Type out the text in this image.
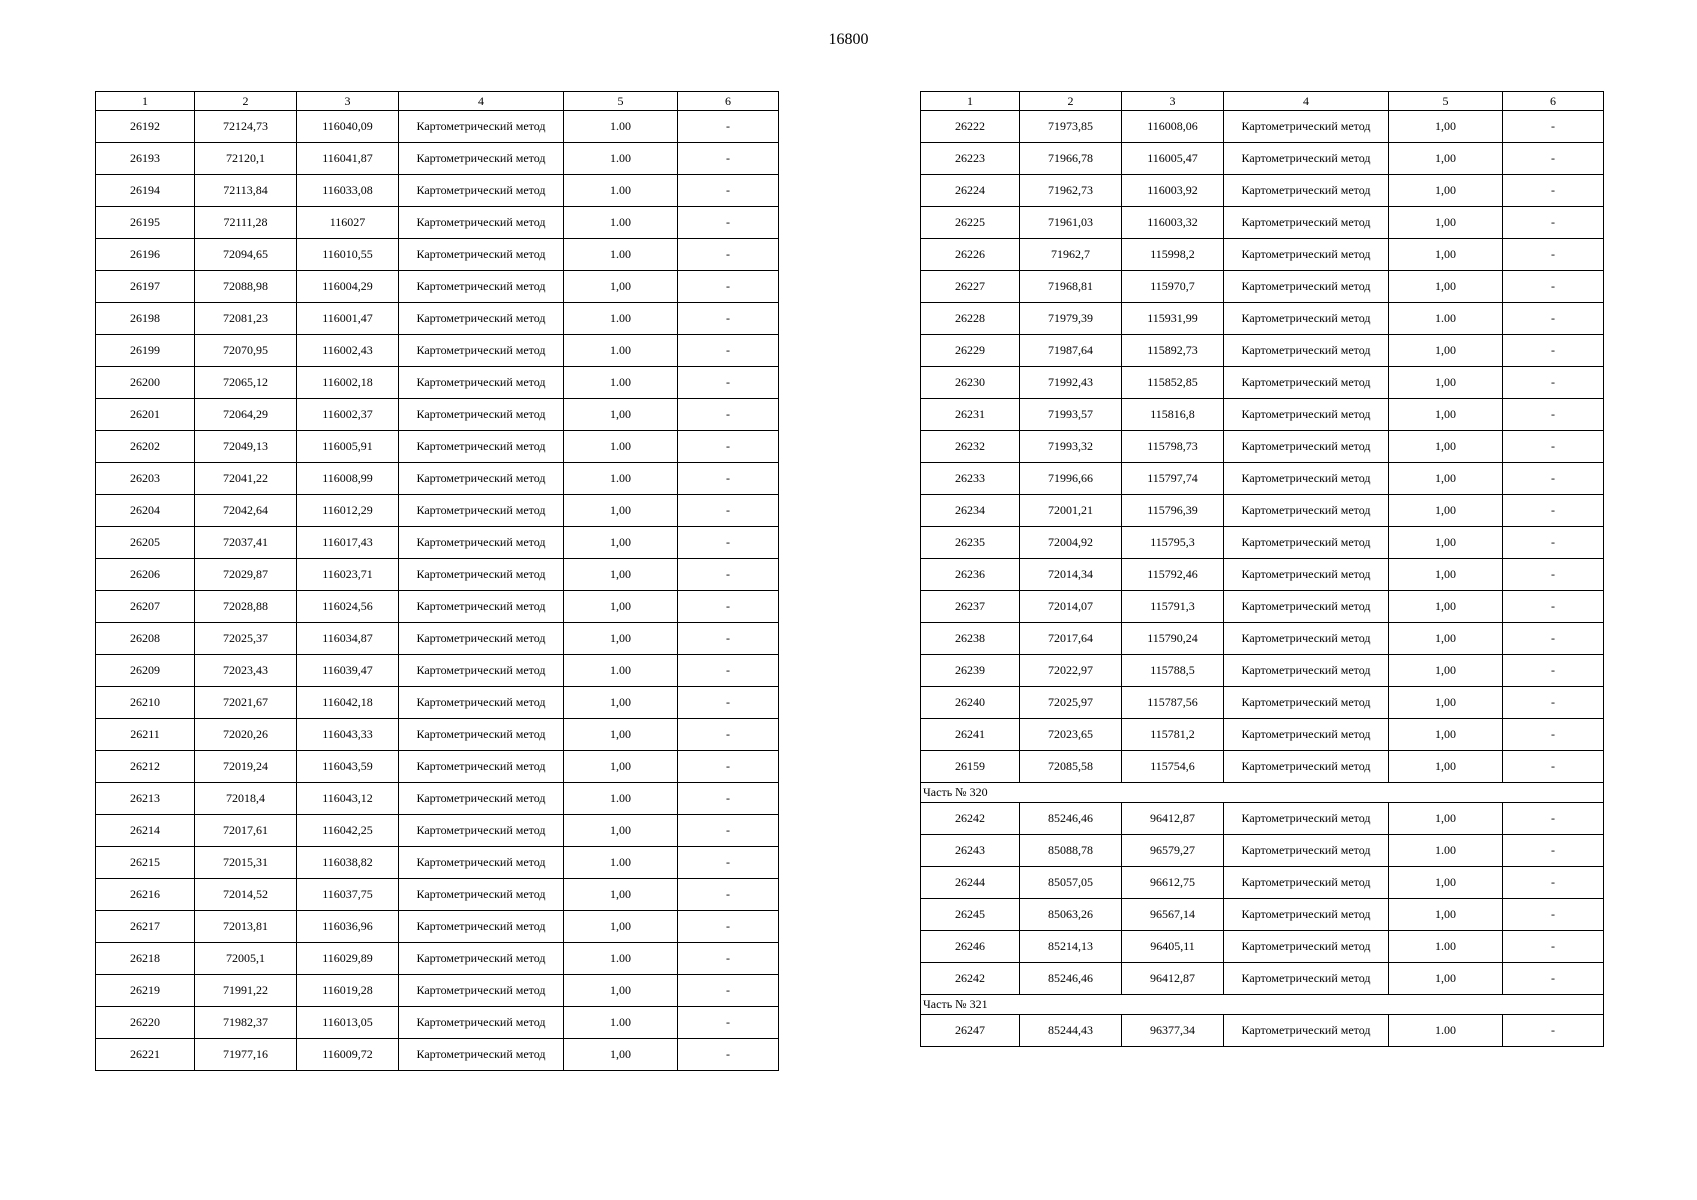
16800
1	2	3	4	5	6
26192	72124,73	116040,09	Картометрический метод	1.00	-
26193	72120,1	116041,87	Картометрический метод	1.00	-
26194	72113,84	116033,08	Картометрический метод	1.00	-
26195	72111,28	116027	Картометрический метод	1.00	-
26196	72094,65	116010,55	Картометрический метод	1.00	-
26197	72088,98	116004,29	Картометрический метод	1,00	-
26198	72081,23	116001,47	Картометрический метод	1.00	-
26199	72070,95	116002,43	Картометрический метод	1.00	-
26200	72065,12	116002,18	Картометрический метод	1.00	-
26201	72064,29	116002,37	Картометрический метод	1,00	-
26202	72049,13	116005,91	Картометрический метод	1.00	-
26203	72041,22	116008,99	Картометрический метод	1.00	-
26204	72042,64	116012,29	Картометрический метод	1,00	-
26205	72037,41	116017,43	Картометрический метод	1,00	-
26206	72029,87	116023,71	Картометрический метод	1,00	-
26207	72028,88	116024,56	Картометрический метод	1,00	-
26208	72025,37	116034,87	Картометрический метод	1,00	-
26209	72023,43	116039,47	Картометрический метод	1.00	-
26210	72021,67	116042,18	Картометрический метод	1,00	-
26211	72020,26	116043,33	Картометрический метод	1,00	-
26212	72019,24	116043,59	Картометрический метод	1,00	-
26213	72018,4	116043,12	Картометрический метод	1.00	-
26214	72017,61	116042,25	Картометрический метод	1,00	-
26215	72015,31	116038,82	Картометрический метод	1.00	-
26216	72014,52	116037,75	Картометрический метод	1,00	-
26217	72013,81	116036,96	Картометрический метод	1,00	-
26218	72005,1	116029,89	Картометрический метод	1.00	-
26219	71991,22	116019,28	Картометрический метод	1,00	-
26220	71982,37	116013,05	Картометрический метод	1.00	-
26221	71977,16	116009,72	Картометрический метод	1,00	-
1	2	3	4	5	6
26222	71973,85	116008,06	Картометрический метод	1,00	-
26223	71966,78	116005,47	Картометрический метод	1,00	-
26224	71962,73	116003,92	Картометрический метод	1,00	-
26225	71961,03	116003,32	Картометрический метод	1,00	-
26226	71962,7	115998,2	Картометрический метод	1,00	-
26227	71968,81	115970,7	Картометрический метод	1,00	-
26228	71979,39	115931,99	Картометрический метод	1.00	-
26229	71987,64	115892,73	Картометрический метод	1,00	-
26230	71992,43	115852,85	Картометрический метод	1,00	-
26231	71993,57	115816,8	Картометрический метод	1,00	-
26232	71993,32	115798,73	Картометрический метод	1,00	-
26233	71996,66	115797,74	Картометрический метод	1,00	-
26234	72001,21	115796,39	Картометрический метод	1,00	-
26235	72004,92	115795,3	Картометрический метод	1,00	-
26236	72014,34	115792,46	Картометрический метод	1,00	-
26237	72014,07	115791,3	Картометрический метод	1,00	-
26238	72017,64	115790,24	Картометрический метод	1,00	-
26239	72022,97	115788,5	Картометрический метод	1,00	-
26240	72025,97	115787,56	Картометрический метод	1,00	-
26241	72023,65	115781,2	Картометрический метод	1,00	-
26159	72085,58	115754,6	Картометрический метод	1,00	-
Часть № 320					
26242	85246,46	96412,87	Картометрический метод	1,00	-
26243	85088,78	96579,27	Картометрический метод	1.00	-
26244	85057,05	96612,75	Картометрический метод	1,00	-
26245	85063,26	96567,14	Картометрический метод	1,00	-
26246	85214,13	96405,11	Картометрический метод	1.00	-
26242	85246,46	96412,87	Картометрический метод	1,00	-
Часть № 321					
26247	85244,43	96377,34	Картометрический метод	1.00	-
